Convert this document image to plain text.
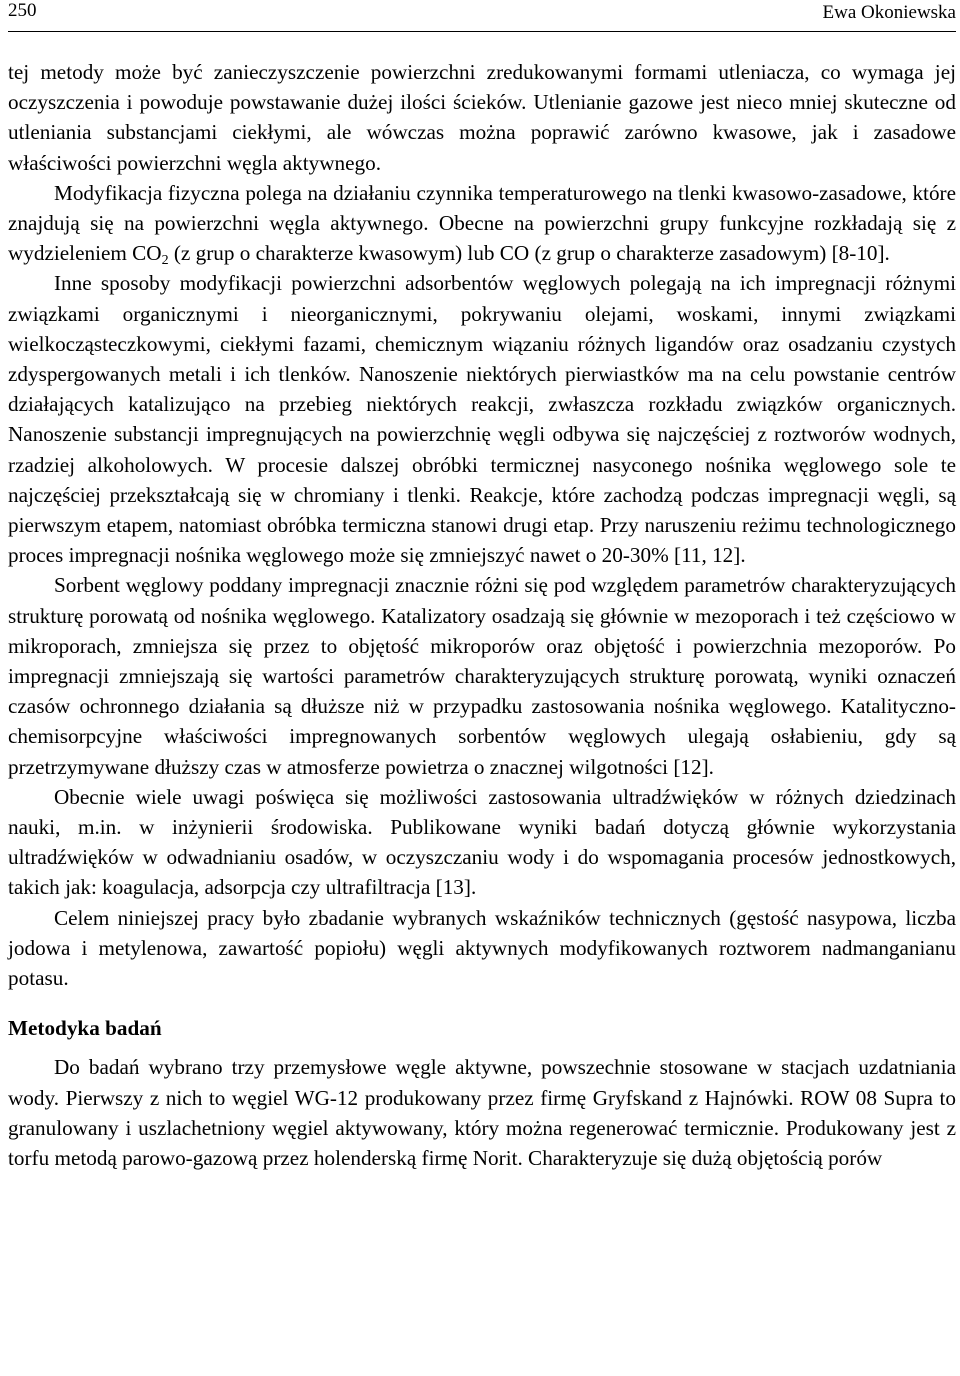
250	Ewa Okoniewska

tej metody może być zanieczyszczenie powierzchni zredukowanymi formami utleniacza, co wymaga jej oczyszczenia i powoduje powstawanie dużej ilości ścieków. Utlenianie gazowe jest nieco mniej skuteczne od utleniania substancjami ciekłymi, ale wówczas można poprawić zarówno kwasowe, jak i zasadowe właściwości powierzchni węgla aktywnego.

Modyfikacja fizyczna polega na działaniu czynnika temperaturowego na tlenki kwasowo-zasadowe, które znajdują się na powierzchni węgla aktywnego. Obecne na powierzchni grupy funkcyjne rozkładają się z wydzieleniem $CO_2$ (z grup o charakterze kwasowym) lub CO (z grup o charakterze zasadowym) [8-10].

Inne sposoby modyfikacji powierzchni adsorbentów węglowych polegają na ich impregnacji różnymi związkami organicznymi i nieorganicznymi, pokrywaniu olejami, woskami, innymi związkami wielkocząsteczkowymi, ciekłymi fazami, chemicznym wiązaniu różnych ligandów oraz osadzaniu czystych zdyspergowanych metali i ich tlenków. Nanoszenie niektórych pierwiastków ma na celu powstanie centrów działających katalizująco na przebieg niektórych reakcji, zwłaszcza rozkładu związków organicznych. Nanoszenie substancji impregnujących na powierzchnię węgli odbywa się najczęściej z roztworów wodnych, rzadziej alkoholowych. W procesie dalszej obróbki termicznej nasyconego nośnika węglowego sole te najczęściej przekształcają się w chromiany i tlenki. Reakcje, które zachodzą podczas impregnacji węgli, są pierwszym etapem, natomiast obróbka termiczna stanowi drugi etap. Przy naruszeniu reżimu technologicznego proces impregnacji nośnika węglowego może się zmniejszyć nawet o 20-30% [11, 12].

Sorbent węglowy poddany impregnacji znacznie różni się pod względem parametrów charakteryzujących strukturę porowatą od nośnika węglowego. Katalizatory osadzają się głównie w mezoporach i też częściowo w mikroporach, zmniejsza się przez to objętość mikroporów oraz objętość i powierzchnia mezoporów. Po impregnacji zmniejszają się wartości parametrów charakteryzujących strukturę porowatą, wyniki oznaczeń czasów ochronnego działania są dłuższe niż w przypadku zastosowania nośnika węglowego. Katalityczno-chemisorpcyjne właściwości impregnowanych sorbentów węglowych ulegają osłabieniu, gdy są przetrzymywane dłuższy czas w atmosferze powietrza o znacznej wilgotności [12].

Obecnie wiele uwagi poświęca się możliwości zastosowania ultradźwięków w różnych dziedzinach nauki, m.in. w inżynierii środowiska. Publikowane wyniki badań dotyczą głównie wykorzystania ultradźwięków w odwadnianiu osadów, w oczyszczaniu wody i do wspomagania procesów jednostkowych, takich jak: koagulacja, adsorpcja czy ultrafiltracja [13].

Celem niniejszej pracy było zbadanie wybranych wskaźników technicznych (gęstość nasypowa, liczba jodowa i metylenowa, zawartość popiołu) węgli aktywnych modyfikowanych roztworem nadmanganianu potasu.

Metodyka badań

Do badań wybrano trzy przemysłowe węgle aktywne, powszechnie stosowane w stacjach uzdatniania wody. Pierwszy z nich to węgiel WG-12 produkowany przez firmę Gryfskand z Hajnówki. ROW 08 Supra to granulowany i uszlachetniony węgiel aktywowany, który można regenerować termicznie. Produkowany jest z torfu metodą parowo-gazową przez holenderską firmę Norit. Charakteryzuje się dużą objętością porów
